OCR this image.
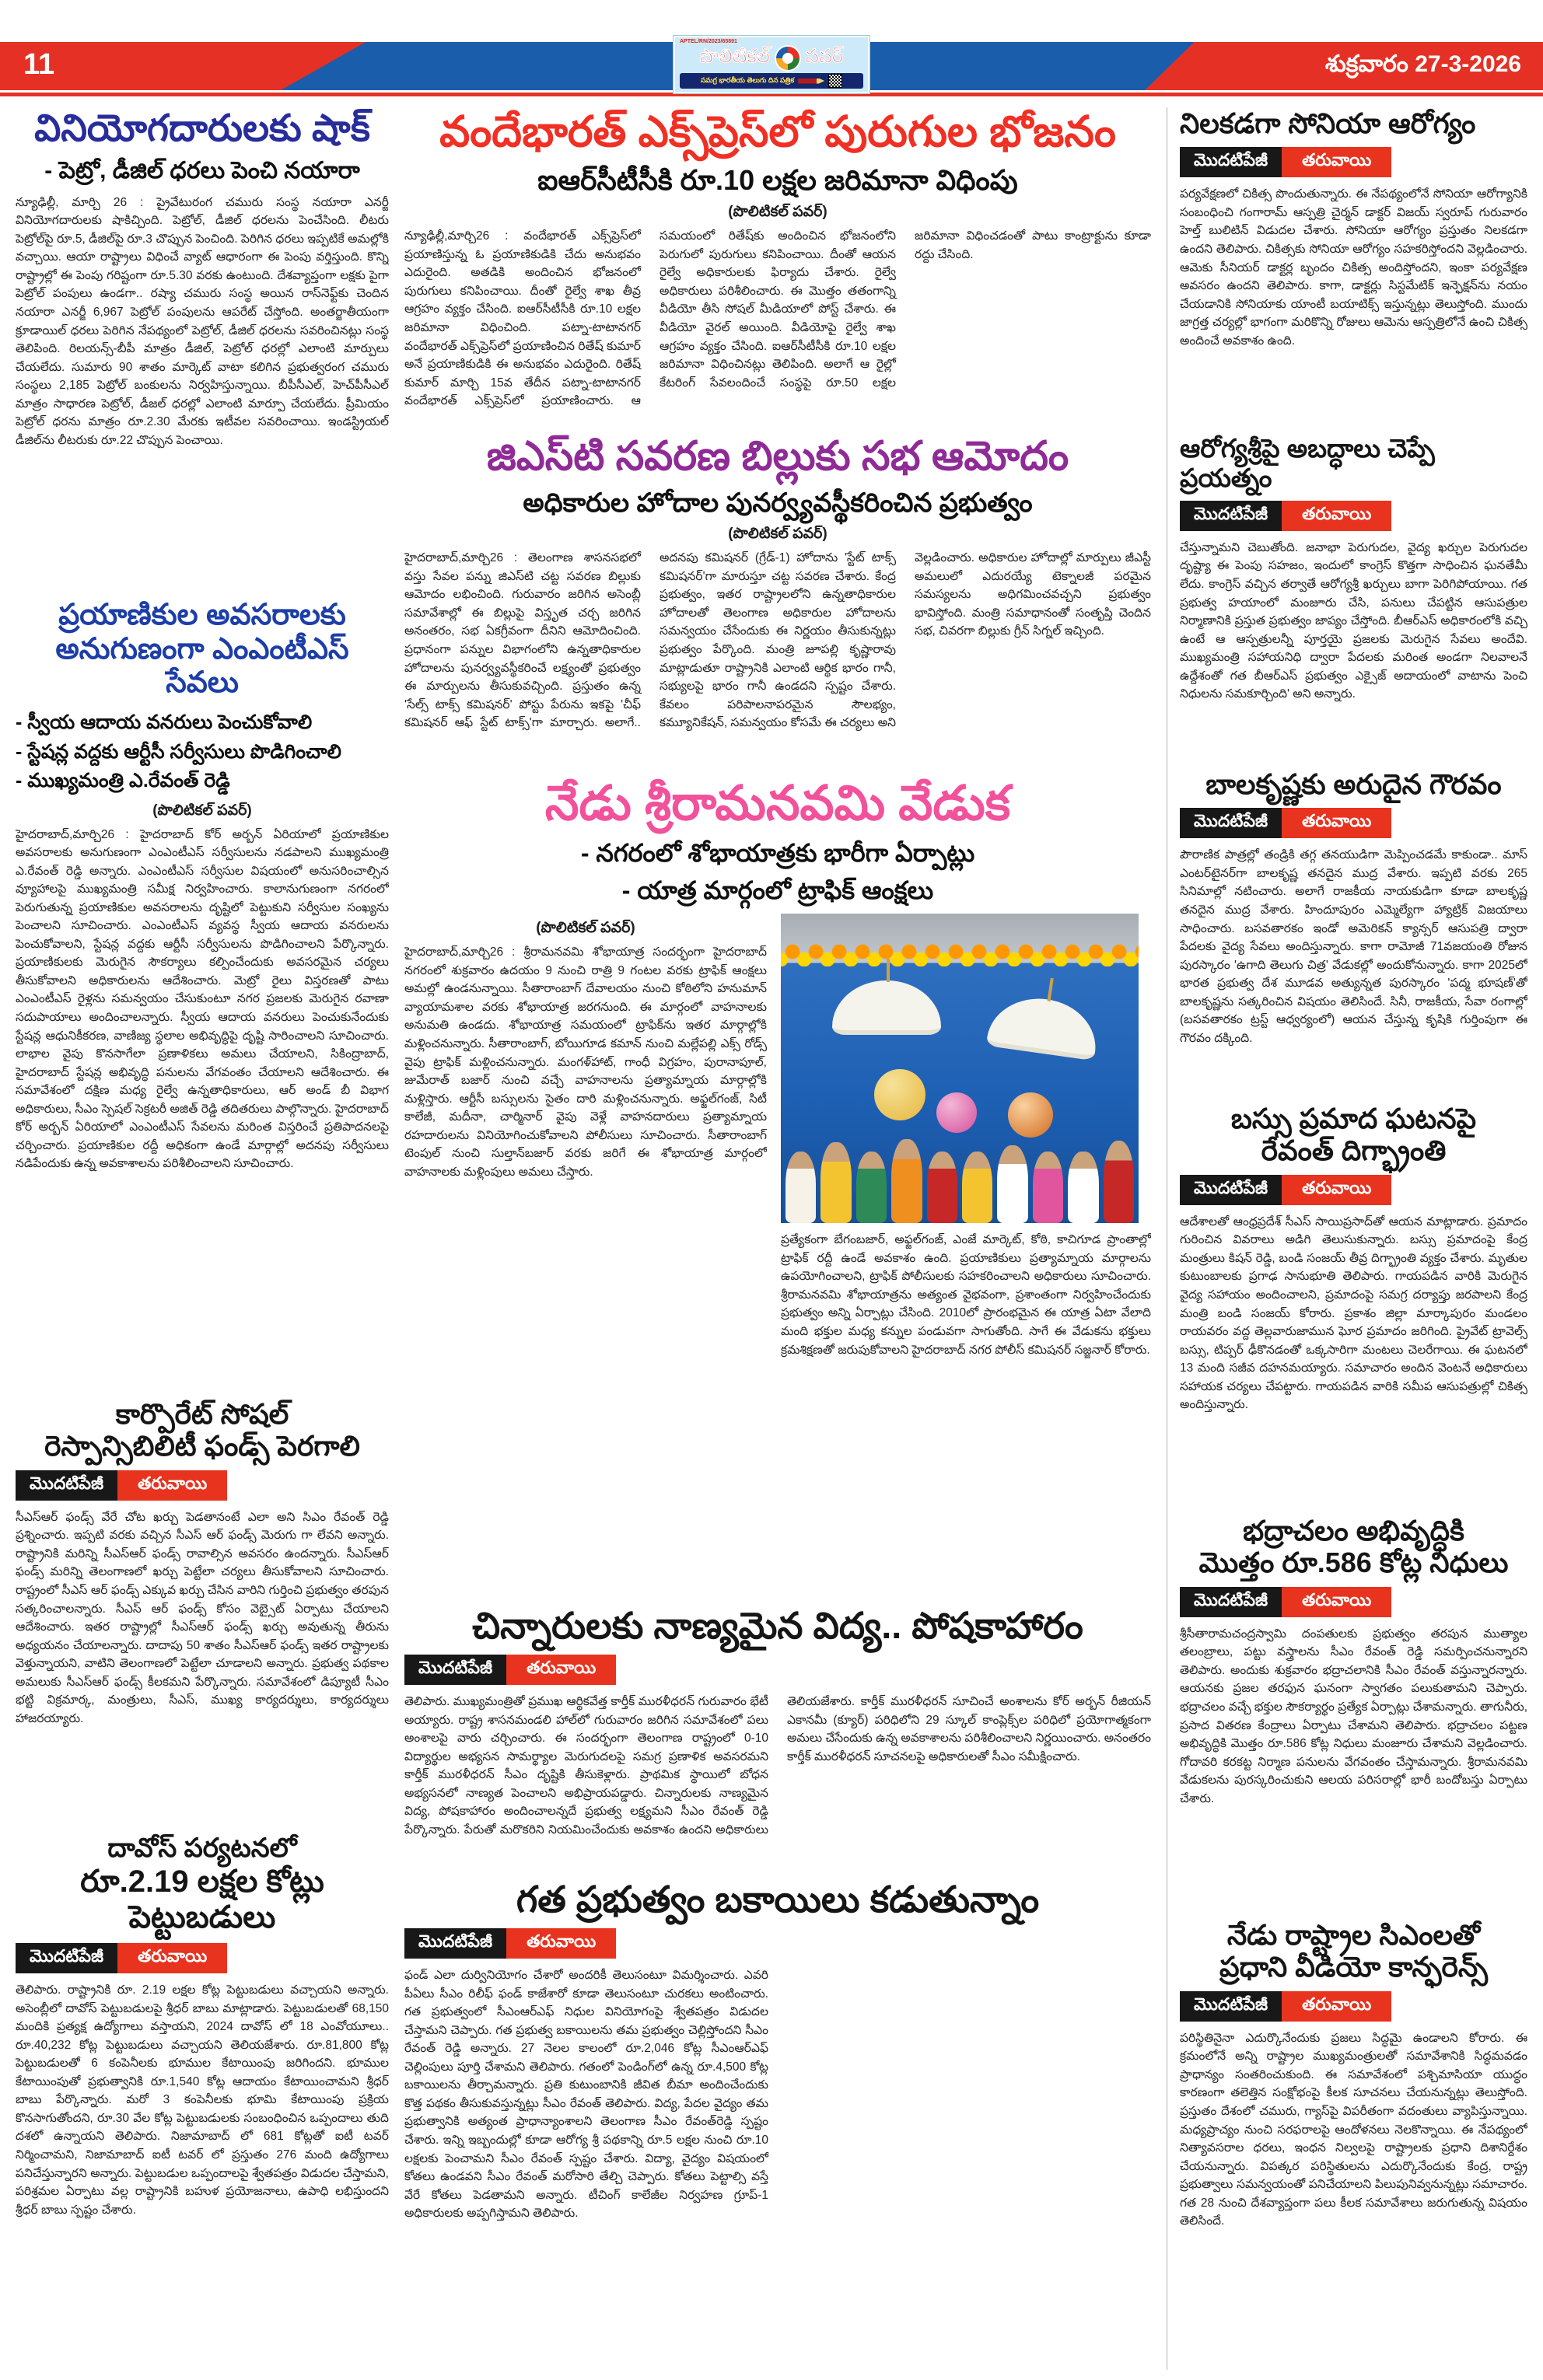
11	శుక్రవారం 27-3-2026
APTEL/RN/2023/65891
పొలిటికల్ పవర్
సమగ్ర భారతీయ తెలుగు దిన పత్రిక
వినియోగదారులకు షాక్
- పెట్రో, డీజిల్ ధరలు పెంచి నయారా
న్యూఢిల్లీ, మార్చి 26 : ప్రైవేటురంగ చమురు సంస్థ నయారా ఎనర్జీ వినియోగదారులకు షాకిచ్చింది. పెట్రోల్, డీజిల్ ధరలను పెంచేసింది. లీటరు పెట్రోల్‌పై రూ.5, డీజిల్‌పై రూ.3 చొప్పున పెంచింది. పెరిగిన ధరలు ఇప్పటికే అమల్లోకి వచ్చాయి. ఆయా రాష్ట్రాలు విధించే వ్యాట్ ఆధారంగా ఈ పెంపు వర్తిస్తుంది. కొన్ని రాష్ట్రాల్లో ఈ పెంపు గరిష్టంగా రూ.5.30 వరకు ఉంటుంది. దేశవ్యాప్తంగా లక్షకు పైగా పెట్రోల్ పంపులు ఉండగా.. రష్యా చమురు సంస్థ అయిన రాస్‌నెఫ్ట్‌కు చెందిన నయారా ఎనర్జీ 6,967 పెట్రోల్ పంపులను ఆపరేట్ చేస్తోంది. అంతర్జాతీయంగా క్రూడాయిల్ ధరలు పెరిగిన నేపథ్యంలో పెట్రోల్, డీజిల్ ధరలను సవరించినట్లు సంస్థ తెలిపింది. రిలయన్స్-బీపీ మాత్రం డీజిల్, పెట్రోల్ ధరల్లో ఎలాంటి మార్పులు చేయలేదు. సుమారు 90 శాతం మార్కెట్ వాటా కలిగిన ప్రభుత్వరంగ చమురు సంస్థలు 2,185 పెట్రోల్ బంకులను నిర్వహిస్తున్నాయి. బీపీసీఎల్, హెచ్‌పీసీఎల్ మాత్రం సాధారణ పెట్రోల్, డీజల్ ధరల్లో ఎలాంటి మార్పూ చేయలేదు. ప్రీమియం పెట్రోల్ ధరను మాత్రం రూ.2.30 మేరకు ఇటీవల సవరించాయి. ఇండస్ట్రియల్ డీజిల్‌ను లీటరుకు రూ.22 చొప్పున పెంచాయి.
ప్రయాణికుల అవసరాలకు
అనుగుణంగా ఎంఎంటీఎస్ సేవలు
- స్వీయ ఆదాయ వనరులు పెంచుకోవాలి
- స్టేషన్ల వద్దకు ఆర్టీసీ సర్వీసులు పొడిగించాలి
- ముఖ్యమంత్రి ఎ.రేవంత్ రెడ్డి
(పొలిటికల్ పవర్)
హైదరాబాద్,మార్చి26 : హైదరాబాద్ కోర్ అర్బన్ ఏరియాలో ప్రయాణికుల అవసరాలకు అనుగుణంగా ఎంఎంటీఎస్ సర్వీసులను నడపాలని ముఖ్యమంత్రి ఎ.రేవంత్ రెడ్డి అన్నారు. ఎంఎంటీఎస్ సర్వీసుల విషయంలో అనుసరించాల్సిన వ్యూహాలపై ముఖ్యమంత్రి సమీక్ష నిర్వహించారు. కాలానుగుణంగా నగరంలో పెరుగుతున్న ప్రయాణికుల అవసరాలను దృష్టిలో పెట్టుకుని సర్వీసుల సంఖ్యను పెంచాలని సూచించారు. ఎంఎంటీఎస్ వ్యవస్థ స్వీయ ఆదాయ వనరులను పెంచుకోవాలని, స్టేషన్ల వద్దకు ఆర్టీసీ సర్వీసులను పొడిగించాలని పేర్కొన్నారు. ప్రయాణికులకు మెరుగైన సౌకర్యాలు కల్పించేందుకు అవసరమైన చర్యలు తీసుకోవాలని అధికారులను ఆదేశించారు. మెట్రో రైలు విస్తరణతో పాటు ఎంఎంటీఎస్ రైళ్లను సమన్వయం చేసుకుంటూ నగర ప్రజలకు మెరుగైన రవాణా సదుపాయాలు అందించాలన్నారు. స్వీయ ఆదాయ వనరులు పెంచుకునేందుకు స్టేషన్ల ఆధునికీకరణ, వాణిజ్య స్థలాల అభివృద్ధిపై దృష్టి సారించాలని సూచించారు. లాభాల వైపు కొనసాగేలా ప్రణాళికలు అమలు చేయాలని, సికింద్రాబాద్, హైదరాబాద్ స్టేషన్ల అభివృద్ధి పనులను వేగవంతం చేయాలని ఆదేశించారు. ఈ సమావేశంలో దక్షిణ మధ్య రైల్వే ఉన్నతాధికారులు, ఆర్ అండ్ బీ విభాగ అధికారులు, సీఎం స్పెషల్ సెక్రటరీ అజిత్ రెడ్డి తదితరులు పాల్గొన్నారు. హైదరాబాద్ కోర్ అర్బన్ ఏరియాలో ఎంఎంటీఎస్ సేవలను మరింత విస్తరించే ప్రతిపాదనలపై చర్చించారు. ప్రయాణికుల రద్దీ అధికంగా ఉండే మార్గాల్లో అదనపు సర్వీసులు నడిపేందుకు ఉన్న అవకాశాలను పరిశీలించాలని సూచించారు.
కార్పొరేట్ సోషల్
రెస్పాన్సిబిలిటీ ఫండ్స్ పెరగాలి
మొదటిపేజీ	తరువాయి
సీఎస్ఆర్ ఫండ్స్ వేరే చోట ఖర్చు పెడతానంటే ఎలా అని సిఎం రేవంత్ రెడ్డి ప్రశ్నించారు. ఇప్పటి వరకు వచ్చిన సీఎస్ ఆర్ ఫండ్స్ మెరుగు గా లేవని అన్నారు. రాష్ట్రానికి మరిన్ని సీఎస్ఆర్ ఫండ్స్ రావాల్సిన అవసరం ఉందన్నారు. సీఎస్ఆర్ ఫండ్స్ మరిన్ని తెలంగాణలో ఖర్చు పెట్టేలా చర్యలు తీసుకోవాలని సూచించారు. రాష్ట్రంలో సీఎస్ ఆర్ ఫండ్స్ ఎక్కువ ఖర్చు చేసిన వారిని గుర్తించి ప్రభుత్వం తరపున సత్కరించాలన్నారు. సీఎస్ ఆర్ ఫండ్స్ కోసం వెబ్సైట్ ఏర్పాటు చేయాలని ఆదేశించారు. ఇతర రాష్ట్రాల్లో సీఎస్ఆర్ ఫండ్స్ ఖర్చు అవుతున్న తీరును అధ్యయనం చేయాలన్నారు. దాదాపు 50 శాతం సీఎస్ఆర్ ఫండ్స్ ఇతర రాష్ట్రాలకు వెళ్తున్నాయని, వాటిని తెలంగాణలో పెట్టేలా చూడాలని అన్నారు. ప్రభుత్వ పథకాల అమలుకు సీఎస్ఆర్ ఫండ్స్ కీలకమని పేర్కొన్నారు. సమావేశంలో డిప్యూటీ సీఎం భట్టి విక్రమార్క, మంత్రులు, సీఎస్, ముఖ్య కార్యదర్శులు, కార్యదర్శులు హాజరయ్యారు.
దావోస్ పర్యటనలో
రూ.2.19 లక్షల కోట్లు పెట్టుబడులు
మొదటిపేజీ	తరువాయి
తెలిపారు. రాష్ట్రానికి రూ. 2.19 లక్షల కోట్ల పెట్టుబడులు వచ్చాయని అన్నారు. అసెంబ్లీలో దావోస్ పెట్టుబడులపై శ్రీధర్ బాబు మాట్లాడారు. పెట్టుబడులతో 68,150 మందికి ప్రత్యక్ష ఉద్యోగాలు వస్తాయని, 2024 దావోస్ లో 18 ఎంవోయూలు.. రూ.40,232 కోట్ల పెట్టుబడులు వచ్చాయని తెలియజేశారు. రూ.81,800 కోట్ల పెట్టుబడులతో 6 కంపెనీలకు భూముల కేటాయింపు జరిగిందని. భూముల కేటాయింపుతో ప్రభుత్వానికి రూ.1,540 కోట్ల ఆదాయం కేటాయించామని శ్రీధర్ బాబు పేర్కొన్నారు. మరో 3 కంపెనీలకు భూమి కేటాయింపు ప్రక్రియ కొనసాగుతోందని, రూ.30 వేల కోట్ల పెట్టుబడులకు సంబంధించిన ఒప్పందాలు తుది దశలో ఉన్నాయని తెలిపారు. నిజామాబాద్ లో 681 కోట్లతో ఐటీ టవర్ నిర్మించామని, నిజామాబాద్ ఐటీ టవర్ లో ప్రస్తుతం 276 మంది ఉద్యోగాలు పనిచేస్తున్నారని అన్నారు. పెట్టుబడుల ఒప్పందాలపై శ్వేతపత్రం విడుదల చేస్తామని, పరిశ్రమల ఏర్పాటు వల్ల రాష్ట్రానికి బహుళ ప్రయోజనాలు, ఉపాధి లభిస్తుందని శ్రీధర్ బాబు స్పష్టం చేశారు.
వందేభారత్ ఎక్స్‌ప్రెస్‌లో పురుగుల భోజనం
ఐఆర్‌సీటీసీకి రూ.10 లక్షల జరిమానా విధింపు
(పొలిటికల్ పవర్)
న్యూఢిల్లీ,మార్చి26 : వందేభారత్ ఎక్స్‌ప్రెస్‌లో ప్రయాణిస్తున్న ఓ ప్రయాణికుడికి చేదు అనుభవం ఎదురైంది. అతడికి అందించిన భోజనంలో పురుగులు కనిపించాయి. దీంతో రైల్వే శాఖ తీవ్ర ఆగ్రహం వ్యక్తం చేసింది. ఐఆర్‌సీటీసీకి రూ.10 లక్షల జరిమానా విధించింది. పట్నా-టాటానగర్ వందేభారత్ ఎక్స్‌ప్రెస్‌లో ప్రయాణించిన రితేష్ కుమార్ అనే ప్రయాణికుడికి ఈ అనుభవం ఎదురైంది. రితేష్ కుమార్ మార్చి 15వ తేదీన పట్నా-టాటానగర్ వందేభారత్ ఎక్స్‌ప్రెస్‌లో ప్రయాణించారు. ఆ సమయంలో రితేష్‌కు అందించిన భోజనంలోని పెరుగులో పురుగులు కనిపించాయి. దీంతో ఆయన రైల్వే అధికారులకు ఫిర్యాదు చేశారు. రైల్వే అధికారులు పరిశీలించారు. ఈ మొత్తం తతంగాన్ని వీడియో తీసి సోషల్ మీడియాలో పోస్ట్ చేశారు. ఈ వీడియో వైరల్ అయింది. వీడియోపై రైల్వే శాఖ ఆగ్రహం వ్యక్తం చేసింది. ఐఆర్‌సీటీసీకి రూ.10 లక్షల జరిమానా విధించినట్లు తెలిపింది. అలాగే ఆ రైల్లో కేటరింగ్ సేవలందించే సంస్థపై రూ.50 లక్షల జరిమానా విధించడంతో పాటు కాంట్రాక్టును కూడా రద్దు చేసింది.
జిఎస్‌టి సవరణ బిల్లుకు సభ ఆమోదం
అధికారుల హోదాల పునర్వ్యవస్థీకరించిన ప్రభుత్వం
(పొలిటికల్ పవర్)
హైదరాబాద్,మార్చి26 : తెలంగాణ శాసనసభలో వస్తు సేవల పన్ను జిఎస్‌టి చట్ట సవరణ బిల్లుకు ఆమోదం లభించింది. గురువారం జరిగిన అసెంబ్లీ సమావేశాల్లో ఈ బిల్లుపై విస్తృత చర్చ జరిగిన అనంతరం, సభ ఏకగ్రీవంగా దీనిని ఆమోదించింది. ప్రధానంగా పన్నుల విభాగంలోని ఉన్నతాధికారుల హోదాలను పునర్వ్యవస్థీకరించే లక్ష్యంతో ప్రభుత్వం ఈ మార్పులను తీసుకువచ్చింది. ప్రస్తుతం ఉన్న 'సేల్స్ టాక్స్ కమిషనర్' పోస్టు పేరును ఇకపై 'చీఫ్ కమిషనర్ ఆఫ్ స్టేట్ టాక్స్'గా మార్చారు. అలాగే.. అదనపు కమిషనర్ (గ్రేడ్-1) హోదాను 'స్టేట్ టాక్స్ కమిషనర్'గా మారుస్తూ చట్ట సవరణ చేశారు. కేంద్ర ప్రభుత్వం, ఇతర రాష్ట్రాలలోని ఉన్నతాధికారుల హోదాలతో తెలంగాణ అధికారుల హోదాలను సమన్వయం చేసేందుకు ఈ నిర్ణయం తీసుకున్నట్లు ప్రభుత్వం పేర్కొంది. మంత్రి జూపల్లి కృష్ణారావు మాట్లాడుతూ రాష్ట్రానికి ఎలాంటి ఆర్థిక భారం గానీ, సభ్యులపై భారం గానీ ఉండదని స్పష్టం చేశారు. కేవలం పరిపాలనాపరమైన సౌలభ్యం, కమ్యూనికేషన్, సమన్వయం కోసమే ఈ చర్యలు అని వెల్లడించారు. అధికారుల హోదాల్లో మార్పులు జీఎస్టీ అమలులో ఎదురయ్యే టెక్నాలజీ పరమైన సమస్యలను అధిగమించవచ్చని ప్రభుత్వం భావిస్తోంది. మంత్రి సమాధానంతో సంతృప్తి చెందిన సభ, చివరగా బిల్లుకు గ్రీన్ సిగ్నల్ ఇచ్చింది.
నేడు శ్రీరామనవమి వేడుక
- నగరంలో శోభాయాత్రకు భారీగా ఏర్పాట్లు
- యాత్ర మార్గంలో ట్రాఫిక్ ఆంక్షలు
(పొలిటికల్ పవర్)
హైదరాబాద్,మార్చి26 : శ్రీరామనవమి శోభాయాత్ర సందర్భంగా హైదరాబాద్ నగరంలో శుక్రవారం ఉదయం 9 నుంచి రాత్రి 9 గంటల వరకు ట్రాఫిక్ ఆంక్షలు అమల్లో ఉండనున్నాయి. సీతారాంబాగ్ దేవాలయం నుంచి కోఠిలోని హనుమాన్ వ్యాయామశాల వరకు శోభాయాత్ర జరగనుంది. ఈ మార్గంలో వాహనాలకు అనుమతి ఉండదు. శోభాయాత్ర సమయంలో ట్రాఫిక్‌ను ఇతర మార్గాల్లోకి మళ్లించనున్నారు. సీతారాంబాగ్, బోయిగూడ కమాన్ నుంచి మల్లేపల్లి ఎక్స్ రోడ్స్ వైపు ట్రాఫిక్ మళ్లించనున్నారు. మంగళ్‌హాట్, గాంధీ విగ్రహం, పురానాపూల్, జుమేరాత్ బజార్ నుంచి వచ్చే వాహనాలను ప్రత్యామ్నాయ మార్గాల్లోకి మళ్లిస్తారు. ఆర్టీసీ బస్సులను సైతం దారి మళ్లించనున్నారు. అఫ్జల్‌గంజ్, సిటీ కాలేజీ, మదీనా, చార్మినార్ వైపు వెళ్లే వాహనదారులు ప్రత్యామ్నాయ రహదారులను వినియోగించుకోవాలని పోలీసులు సూచించారు. సీతారాంబాగ్ టెంపుల్ నుంచి సుల్తాన్‌బజార్ వరకు జరిగే ఈ శోభాయాత్ర మార్గంలో వాహనాలకు మళ్లింపులు అమలు చేస్తారు.
ప్రత్యేకంగా బేగంబజార్, అఫ్జల్‌గంజ్, ఎంజే మార్కెట్, కోఠి, కాచిగూడ ప్రాంతాల్లో ట్రాఫిక్ రద్దీ ఉండే అవకాశం ఉంది. ప్రయాణికులు ప్రత్యామ్నాయ మార్గాలను ఉపయోగించాలని, ట్రాఫిక్ పోలీసులకు సహకరించాలని అధికారులు సూచించారు. శ్రీరామనవమి శోభాయాత్రను అత్యంత వైభవంగా, ప్రశాంతంగా నిర్వహించేందుకు ప్రభుత్వం అన్ని ఏర్పాట్లు చేసింది. 2010లో ప్రారంభమైన ఈ యాత్ర ఏటా వేలాది మంది భక్తుల మధ్య కన్నుల పండువగా సాగుతోంది. సాగే ఈ వేడుకను భక్తులు క్రమశిక్షణతో జరుపుకోవాలని హైదరాబాద్ నగర పోలీస్ కమిషనర్ సజ్జనార్ కోరారు.
చిన్నారులకు నాణ్యమైన విద్య.. పోషకాహారం
మొదటిపేజీ	తరువాయి
తెలిపారు. ముఖ్యమంత్రితో ప్రముఖ ఆర్థికవేత్త కార్తీక్ మురళీధరన్ గురువారం భేటీ అయ్యారు. రాష్ట్ర శాసనమండలి హాల్‌లో గురువారం జరిగిన సమావేశంలో పలు అంశాలపై వారు చర్చించారు. ఈ సందర్భంగా తెలంగాణ రాష్ట్రంలో 0-10 విద్యార్థుల అభ్యసన సామర్థ్యాల మెరుగుదలపై సమగ్ర ప్రణాళిక అవసరమని కార్తీక్ మురళీధరన్ సీఎం దృష్టికి తీసుకెళ్లారు. ప్రాథమిక స్థాయిలో బోధన అభ్యసనలో నాణ్యత పెంచాలని అభిప్రాయపడ్డారు. చిన్నారులకు నాణ్యమైన విద్య, పోషకాహారం అందించాలన్నదే ప్రభుత్వ లక్ష్యమని సీఎం రేవంత్ రెడ్డి పేర్కొన్నారు. పేరుతో మరొకరిని నియమించేందుకు అవకాశం ఉందని అధికారులు తెలియజేశారు. కార్తీక్ మురళీధరన్ సూచించే అంశాలను కోర్ అర్బన్ రీజియన్ ఎకానమీ (క్యూర్) పరిధిలోని 29 స్కూల్ కాంప్లెక్స్‌ల పరిధిలో ప్రయోగాత్మకంగా అమలు చేసేందుకు ఉన్న అవకాశాలను పరిశీలించాలని నిర్ణయించారు. అనంతరం కార్తీక్ మురళీధరన్ సూచనలపై అధికారులతో సీఎం సమీక్షించారు.
గత ప్రభుత్వం బకాయిలు కడుతున్నాం
మొదటిపేజీ	తరువాయి
ఫండ్ ఎలా దుర్వినియోగం చేశారో అందరికీ తెలుసంటూ విమర్శించారు. ఎవరి పీఏలు సీఎం రిలీఫ్ ఫండ్ కాజేశారో కూడా తెలుసంటూ చురకలు అంటించారు. గత ప్రభుత్వంలో సీఎంఆర్ఎఫ్ నిధుల వినియోగంపై శ్వేతపత్రం విడుదల చేస్తామని చెప్పారు. గత ప్రభుత్వ బకాయిలను తమ ప్రభుత్వం చెల్లిస్తోందని సీఎం రేవంత్ రెడ్డి అన్నారు. 27 నెలల కాలంలో రూ.2,046 కోట్ల సీఎంఆర్ఎఫ్ చెల్లింపులు పూర్తి చేశామని తెలిపారు. గతంలో పెండింగ్‌లో ఉన్న రూ.4,500 కోట్ల బకాయిలను తీర్చామన్నారు. ప్రతి కుటుంబానికి జీవిత బీమా అందించేందుకు కొత్త పథకం తీసుకువస్తున్నట్లు సీఎం రేవంత్ తెలిపారు. విద్య, పేదల వైద్యం తమ ప్రభుత్వానికి అత్యంత ప్రాధాన్యాంశాలని తెలంగాణ సీఎం రేవంత్‌రెడ్డి స్పష్టం చేశారు. ఇన్ని ఇబ్బందుల్లో కూడా ఆరోగ్య శ్రీ పథకాన్ని రూ.5 లక్షల నుంచి రూ.10 లక్షలకు పెంచామని సీఎం రేవంత్ స్పష్టం చేశారు. విద్యా, వైద్యం విషయంలో కోతలు ఉండవని సీఎం రేవంత్ మరోసారి తేల్చి చెప్పారు. కోతలు పెట్టాల్సి వస్తే వేరే కోతలు పెడతామని అన్నారు. టీచింగ్ కాలేజీల నిర్వహణ గ్రూప్-1 అధికారులకు అప్పగిస్తామని తెలిపారు.
నిలకడగా సోనియా ఆరోగ్యం
మొదటిపేజీ	తరువాయి
పర్యవేక్షణలో చికిత్స పొందుతున్నారు. ఈ నేపథ్యంలోనే సోనియా ఆరోగ్యానికి సంబంధించి గంగారామ్ ఆస్పత్రి చైర్మన్ డాక్టర్ విజయ్ స్వరూప్ గురువారం హెల్త్ బులిటిన్ విడుదల చేశారు. సోనియా ఆరోగ్యం ప్రస్తుతం నిలకడగా ఉందని తెలిపారు. చికిత్సకు సోనియా ఆరోగ్యం సహకరిస్తోందని వెల్లడించారు. ఆమెకు సీనియర్ డాక్టర్ల బృందం చికిత్స అందిస్తోందని, ఇంకా పర్యవేక్షణ అవసరం ఉందని తెలిపారు. కాగా, డాక్టర్లు సిస్టమేటిక్ ఇన్ఫెక్షన్‌ను నయం చేయడానికి సోనియాకు యాంటీ బయాటిక్స్ ఇస్తున్నట్లు తెలుస్తోంది. ముందు జాగ్రత్త చర్యల్లో భాగంగా మరికొన్ని రోజులు ఆమెను ఆస్పత్రిలోనే ఉంచి చికిత్స అందించే అవకాశం ఉంది.
ఆరోగ్యశ్రీపై అబద్ధాలు చెప్పే ప్రయత్నం
మొదటిపేజీ	తరువాయి
చేస్తున్నామని చెబుతోంది. జనాభా పెరుగుదల, వైద్య ఖర్చుల పెరుగుదల దృష్ట్యా ఈ పెంపు సహజం, ఇందులో కాంగ్రెస్ కొత్తగా సాధించిన ఘనతేమీ లేదు. కాంగ్రెస్ వచ్చిన తర్వాతే ఆరోగ్యశ్రీ ఖర్చులు బాగా పెరిగిపోయాయి. గత ప్రభుత్వ హయాంలో మంజూరు చేసి, పనులు చేపట్టిన ఆసుపత్రుల నిర్మాణానికి ప్రస్తుత ప్రభుత్వం జాప్యం చేస్తోంది. బీఆర్ఎస్ అధికారంలోకి వచ్చి ఉంటే ఆ ఆస్పత్రులన్నీ పూర్తయై ప్రజలకు మెరుగైన సేవలు అందేవి. ముఖ్యమంత్రి సహాయనిధి ద్వారా పేదలకు మరింత అండగా నిలవాలనే ఉద్దేశంతో గత బీఆర్ఎస్ ప్రభుత్వం ఎక్సైజ్ అదాయంలో వాటాను పెంచి నిధులను సమకూర్చింది' అని అన్నారు.
బాలకృష్ణకు అరుదైన గౌరవం
మొదటిపేజీ	తరువాయి
పౌరాణిక పాత్రల్లో తండ్రికి తగ్గ తనయుడిగా మెప్పించడమే కాకుండా.. మాస్ ఎంటర్‌టైనర్‌గా బాలకృష్ణ తనదైన ముద్ర వేశారు. ఇప్పటి వరకు 265 సినిమాల్లో నటించారు. అలాగే రాజకీయ నాయకుడిగా కూడా బాలకృష్ణ తనదైన ముద్ర వేశారు. హిందూపురం ఎమ్మెల్యేగా హ్యాట్రిక్ విజయాలు సాధించారు. బసవతారకం ఇండో అమెరికన్ క్యాన్సర్ ఆసుపత్రి ద్వారా పేదలకు వైద్య సేవలు అందిస్తున్నారు. కాగా రామోజీ 71వజయంతి రోజున పురస్కారం 'ఉగాది తెలుగు చిత్ర' వేడుకల్లో అందుకోనున్నారు. కాగా 2025లో భారత ప్రభుత్వ దేశ మూడవ అత్యున్నత పురస్కారం 'పద్మ భూషణ్'తో బాలకృష్ణను సత్కరించిన విషయం తెలిసిందే. సినీ, రాజకీయ, సేవా రంగాల్లో (బసవతారకం ట్రస్ట్ ఆధ్వర్యంలో) ఆయన చేస్తున్న కృషికి గుర్తింపుగా ఈ గౌరవం దక్కింది.
బస్సు ప్రమాద ఘటనపై
రేవంత్ దిగ్భ్రాంతి
మొదటిపేజీ	తరువాయి
ఆదేశాలతో ఆంధ్రప్రదేశ్ సీఎస్ సాయిప్రసాద్‌తో ఆయన మాట్లాడారు. ప్రమాదం గురించిన వివరాలు అడిగి తెలుసుకున్నారు. బస్సు ప్రమాదంపై కేంద్ర మంత్రులు కిషన్ రెడ్డి, బండి సంజయ్ తీవ్ర దిగ్భ్రాంతి వ్యక్తం చేశారు. మృతుల కుటుంబాలకు ప్రగాఢ సానుభూతి తెలిపారు. గాయపడిన వారికి మెరుగైన వైద్య సహాయం అందించాలని, ప్రమాదంపై సమగ్ర దర్యాప్తు జరపాలని కేంద్ర మంత్రి బండి సంజయ్ కోరారు. ప్రకాశం జిల్లా మార్కాపురం మండలం రాయవరం వద్ద తెల్లవారుజామున ఘోర ప్రమాదం జరిగింది. ప్రైవేట్ ట్రావెల్స్ బస్సు, టిప్పర్ ఢీకొనడంతో ఒక్కసారిగా మంటలు చెలరేగాయి. ఈ ఘటనలో 13 మంది సజీవ దహనమయ్యారు. సమాచారం అందిన వెంటనే అధికారులు సహాయక చర్యలు చేపట్టారు. గాయపడిన వారికి సమీప ఆసుపత్రుల్లో చికిత్స అందిస్తున్నారు.
భద్రాచలం అభివృద్ధికి
మొత్తం రూ.586 కోట్ల నిధులు
మొదటిపేజీ	తరువాయి
శ్రీసీతారామచంద్రస్వామి దంపతులకు ప్రభుత్వం తరపున ముత్యాల తలంబ్రాలు, పట్టు వస్త్రాలను సీఎం రేవంత్ రెడ్డి సమర్పించనున్నారని తెలిపారు. అందుకు శుక్రవారం భద్రాచలానికి సీఎం రేవంత్ వస్తున్నారన్నారు. ఆయనకు ప్రజల తరఫున ఘనంగా స్వాగతం పలుకుతామని చెప్పారు. భద్రాచలం వచ్చే భక్తుల సౌకర్యార్థం ప్రత్యేక ఏర్పాట్లు చేశామన్నారు. తాగునీరు, ప్రసాద వితరణ కేంద్రాలు ఏర్పాటు చేశామని తెలిపారు. భద్రాచలం పట్టణ అభివృద్ధికి మొత్తం రూ.586 కోట్ల నిధులు మంజూరు చేశామని వెల్లడించారు. గోదావరి కరకట్ట నిర్మాణ పనులను వేగవంతం చేస్తామన్నారు. శ్రీరామనవమి వేడుకలను పురస్కరించుకుని ఆలయ పరిసరాల్లో భారీ బందోబస్తు ఏర్పాటు చేశారు.
నేడు రాష్ట్రాల సిఎంలతో
ప్రధాని వీడియో కాన్ఫరెన్స్
మొదటిపేజీ	తరువాయి
పరిస్థితినైనా ఎదుర్కొనేందుకు ప్రజలు సిద్ధమై ఉండాలని కోరారు. ఈ క్రమంలోనే అన్ని రాష్ట్రాల ముఖ్యమంత్రులతో సమావేశానికి సిద్ధమవడం ప్రాధాన్యం సంతరించుకుంది. ఈ సమావేశంలో పశ్చిమాసియా యుద్ధం కారణంగా తలెత్తిన సంక్షోభంపై కీలక సూచనలు చేయనున్నట్లు తెలుస్తోంది. ప్రస్తుతం దేశంలో చమురు, గ్యాస్‌పై విపరీతంగా వదంతులు వ్యాపిస్తున్నాయి. మధ్యప్రాచ్యం నుంచి సరఫరాలపై ఆందోళనలు నెలకొన్నాయి. ఈ నేపథ్యంలో నిత్యావసరాల ధరలు, ఇంధన నిల్వలపై రాష్ట్రాలకు ప్రధాని దిశానిర్దేశం చేయనున్నారు. విపత్కర పరిస్థితులను ఎదుర్కొనేందుకు కేంద్ర, రాష్ట్ర ప్రభుత్వాలు సమన్వయంతో పనిచేయాలని పిలుపునివ్వనున్నట్లు సమాచారం. గత 28 నుంచి దేశవ్యాప్తంగా పలు కీలక సమావేశాలు జరుగుతున్న విషయం తెలిసిందే.
